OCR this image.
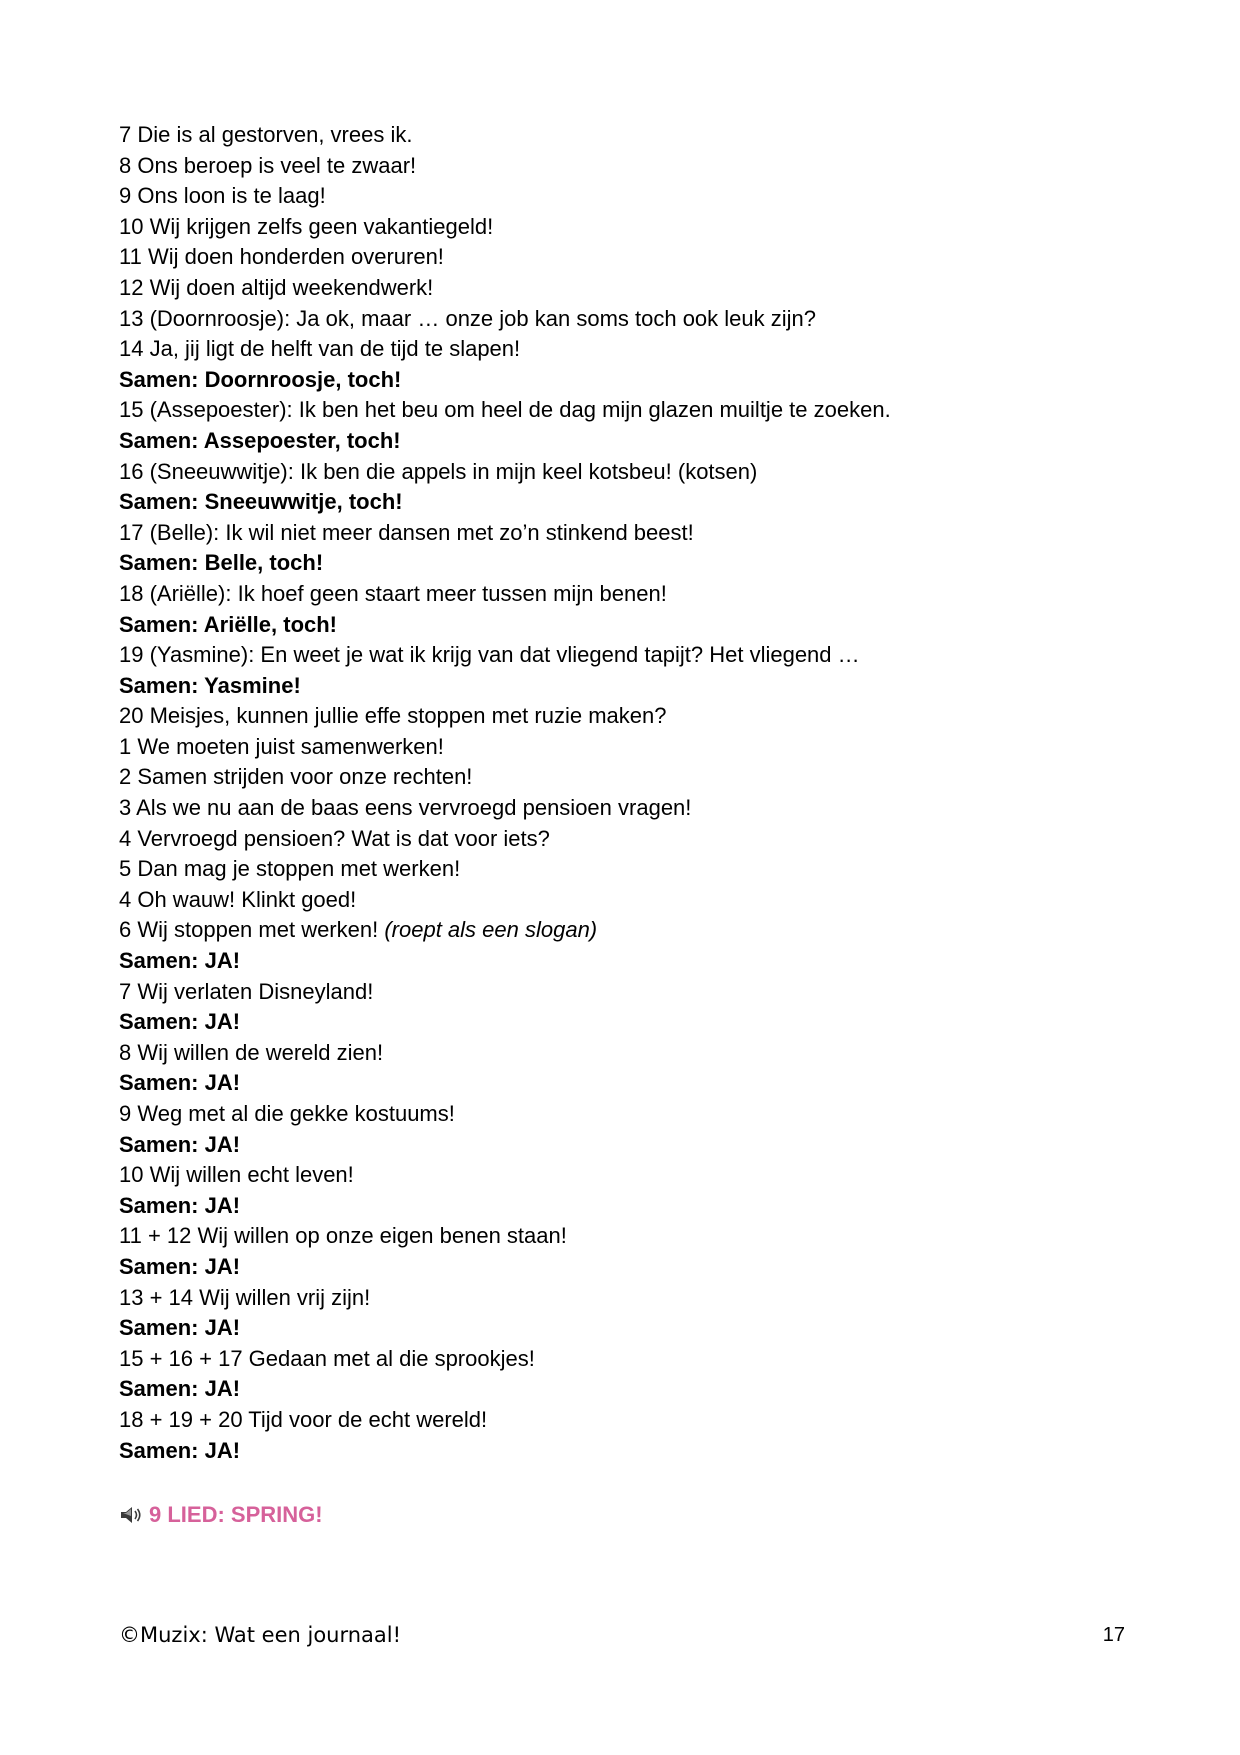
7 Die is al gestorven, vrees ik.
8 Ons beroep is veel te zwaar!
9 Ons loon is te laag!
10 Wij krijgen zelfs geen vakantiegeld!
11 Wij doen honderden overuren!
12 Wij doen altijd weekendwerk!
13 (Doornroosje): Ja ok, maar … onze job kan soms toch ook leuk zijn?
14 Ja, jij ligt de helft van de tijd te slapen!
Samen: Doornroosje, toch!
15 (Assepoester): Ik ben het beu om heel de dag mijn glazen muiltje te zoeken.
Samen: Assepoester, toch!
16 (Sneeuwwitje): Ik ben die appels in mijn keel kotsbeu! (kotsen)
Samen: Sneeuwwitje, toch!
17 (Belle): Ik wil niet meer dansen met zo’n stinkend beest!
Samen: Belle, toch!
18 (Ariëlle): Ik hoef geen staart meer tussen mijn benen!
Samen: Ariëlle, toch!
19 (Yasmine): En weet je wat ik krijg van dat vliegend tapijt? Het vliegend …
Samen: Yasmine!
20 Meisjes, kunnen jullie effe stoppen met ruzie maken?
1 We moeten juist samenwerken!
2 Samen strijden voor onze rechten!
3 Als we nu aan de baas eens vervroegd pensioen vragen!
4 Vervroegd pensioen? Wat is dat voor iets?
5 Dan mag je stoppen met werken!
4 Oh wauw! Klinkt goed!
6 Wij stoppen met werken! (roept als een slogan)
Samen: JA!
7 Wij verlaten Disneyland!
Samen: JA!
8 Wij willen de wereld zien!
Samen: JA!
9 Weg met al die gekke kostuums!
Samen: JA!
10 Wij willen echt leven!
Samen: JA!
11 + 12 Wij willen op onze eigen benen staan!
Samen: JA!
13 + 14 Wij willen vrij zijn!
Samen: JA!
15 + 16 + 17 Gedaan met al die sprookjes!
Samen: JA!
18 + 19 + 20 Tijd voor de echt wereld!
Samen: JA!
9 LIED: SPRING!
©Muzix: Wat een journaal!	17
